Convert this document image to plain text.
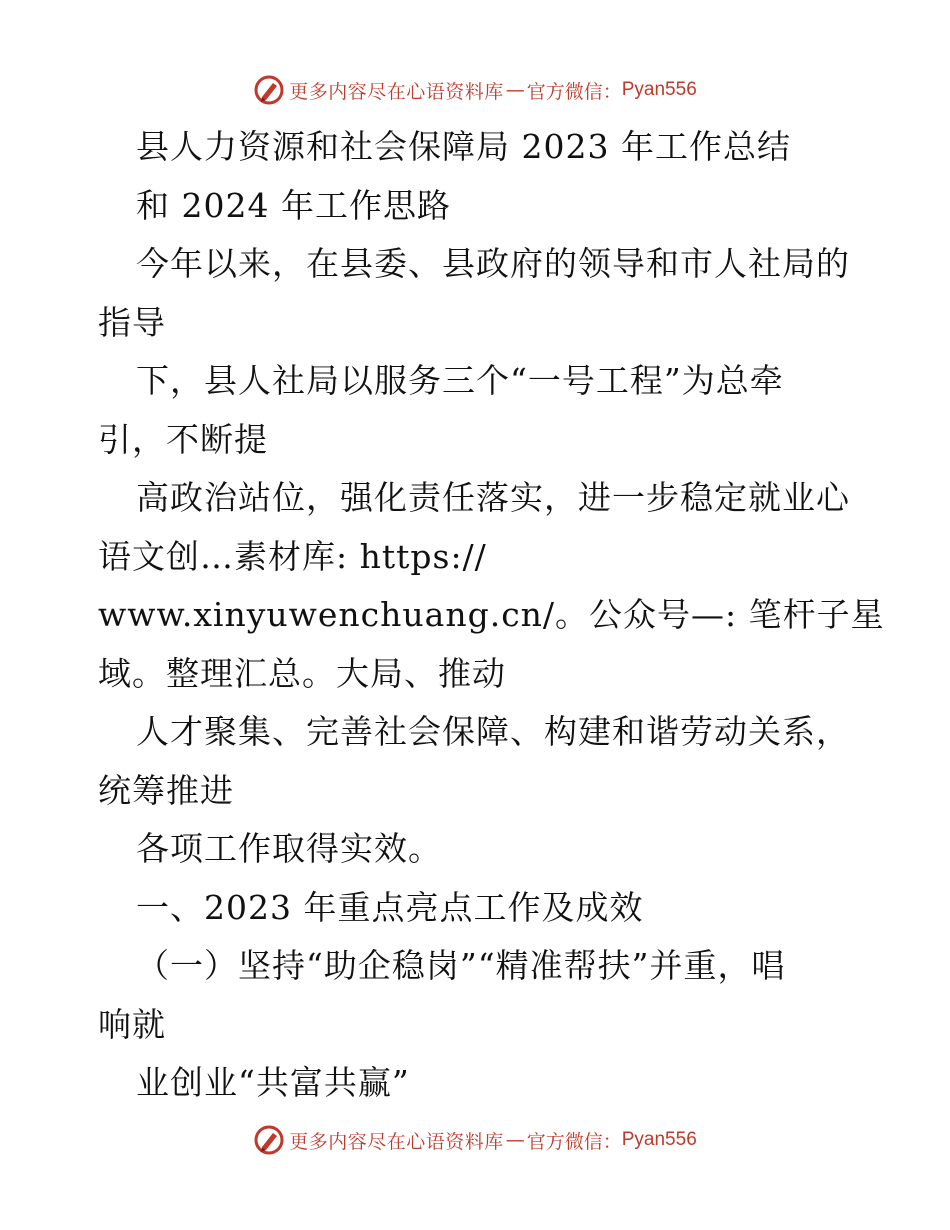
更多内容尽在心语资料库 — 官方微信： Pyan556
县人力资源和社会保障局 2023 年工作总结
和 2024 年工作思路
今年以来，在县委、县政府的领导和市人社局的
指导
下，县人社局以服务三个“一号工程”为总牵
引，不断提
高政治站位，强化责任落实，进一步稳定就业心
语文创…素材库: https://
www.xinyuwenchuang.cn/。公众号—: 笔杆子星
域。整理汇总。大局、推动
人才聚集、完善社会保障、构建和谐劳动关系，
统筹推进
各项工作取得实效。
一、2023 年重点亮点工作及成效
（一）坚持“助企稳岗”“精准帮扶”并重，唱
响就
业创业“共富共赢”
更多内容尽在心语资料库 — 官方微信： Pyan556
